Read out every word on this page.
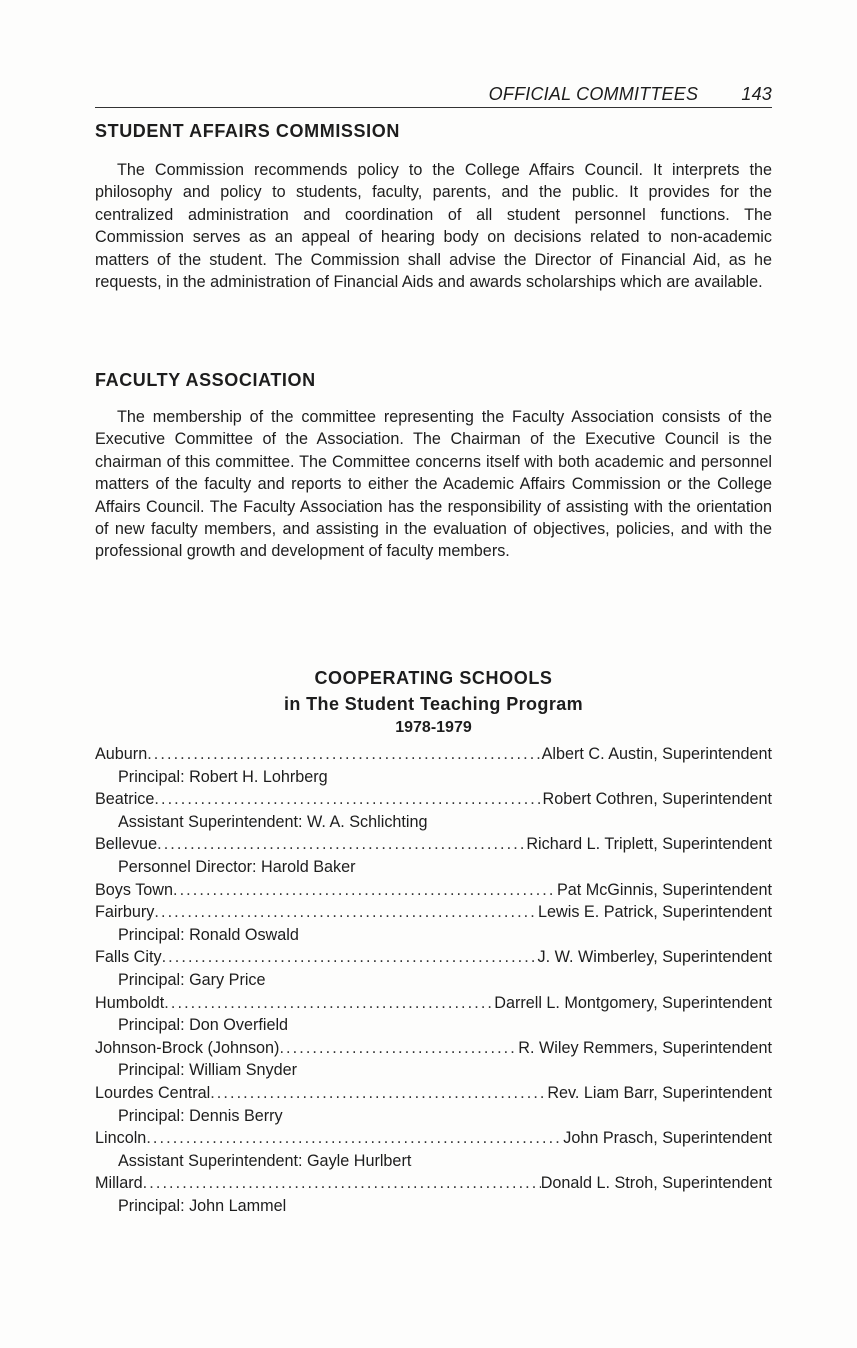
OFFICIAL COMMITTEES 143
STUDENT AFFAIRS COMMISSION

The Commission recommends policy to the College Affairs Council. It interprets the philosophy and policy to students, faculty, parents, and the public. It provides for the centralized administration and coordination of all student personnel functions. The Commission serves as an appeal of hearing body on decisions related to non-academic matters of the student. The Commission shall advise the Director of Financial Aid, as he requests, in the administration of Financial Aids and awards scholarships which are available.

FACULTY ASSOCIATION

The membership of the committee representing the Faculty Association consists of the Executive Committee of the Association. The Chairman of the Executive Council is the chairman of this committee. The Committee concerns itself with both academic and personnel matters of the faculty and reports to either the Academic Affairs Commission or the College Affairs Council. The Faculty Association has the responsibility of assisting with the orientation of new faculty members, and assisting in the evaluation of objectives, policies, and with the professional growth and development of faculty members.

COOPERATING SCHOOLS

in The Student Teaching Program

1978-1979

Auburn . . .	Albert C. Austin, Superintendent
Principal: Robert H. Lohrberg
Beatrice . . .	Robert Cothren, Superintendent
Assistant Superintendent: W. A. Schlichting
Bellevue . . .	Richard L. Triplett, Superintendent
Personnel Director: Harold Baker
Boys Town . . .	Pat McGinnis, Superintendent
Fairbury . . .	Lewis E. Patrick, Superintendent
Principal: Ronald Oswald
Falls City . . .	J. W. Wimberley, Superintendent
Principal: Gary Price
Humboldt . . .	Darrell L. Montgomery, Superintendent
Principal: Don Overfield
Johnson-Brock (Johnson) . . .	R. Wiley Remmers, Superintendent
Principal: William Snyder
Lourdes Central . . .	Rev. Liam Barr, Superintendent
Principal: Dennis Berry
Lincoln . . .	John Prasch, Superintendent
Assistant Superintendent: Gayle Hurlbert
Millard . . .	Donald L. Stroh, Superintendent
Principal: John Lammel
